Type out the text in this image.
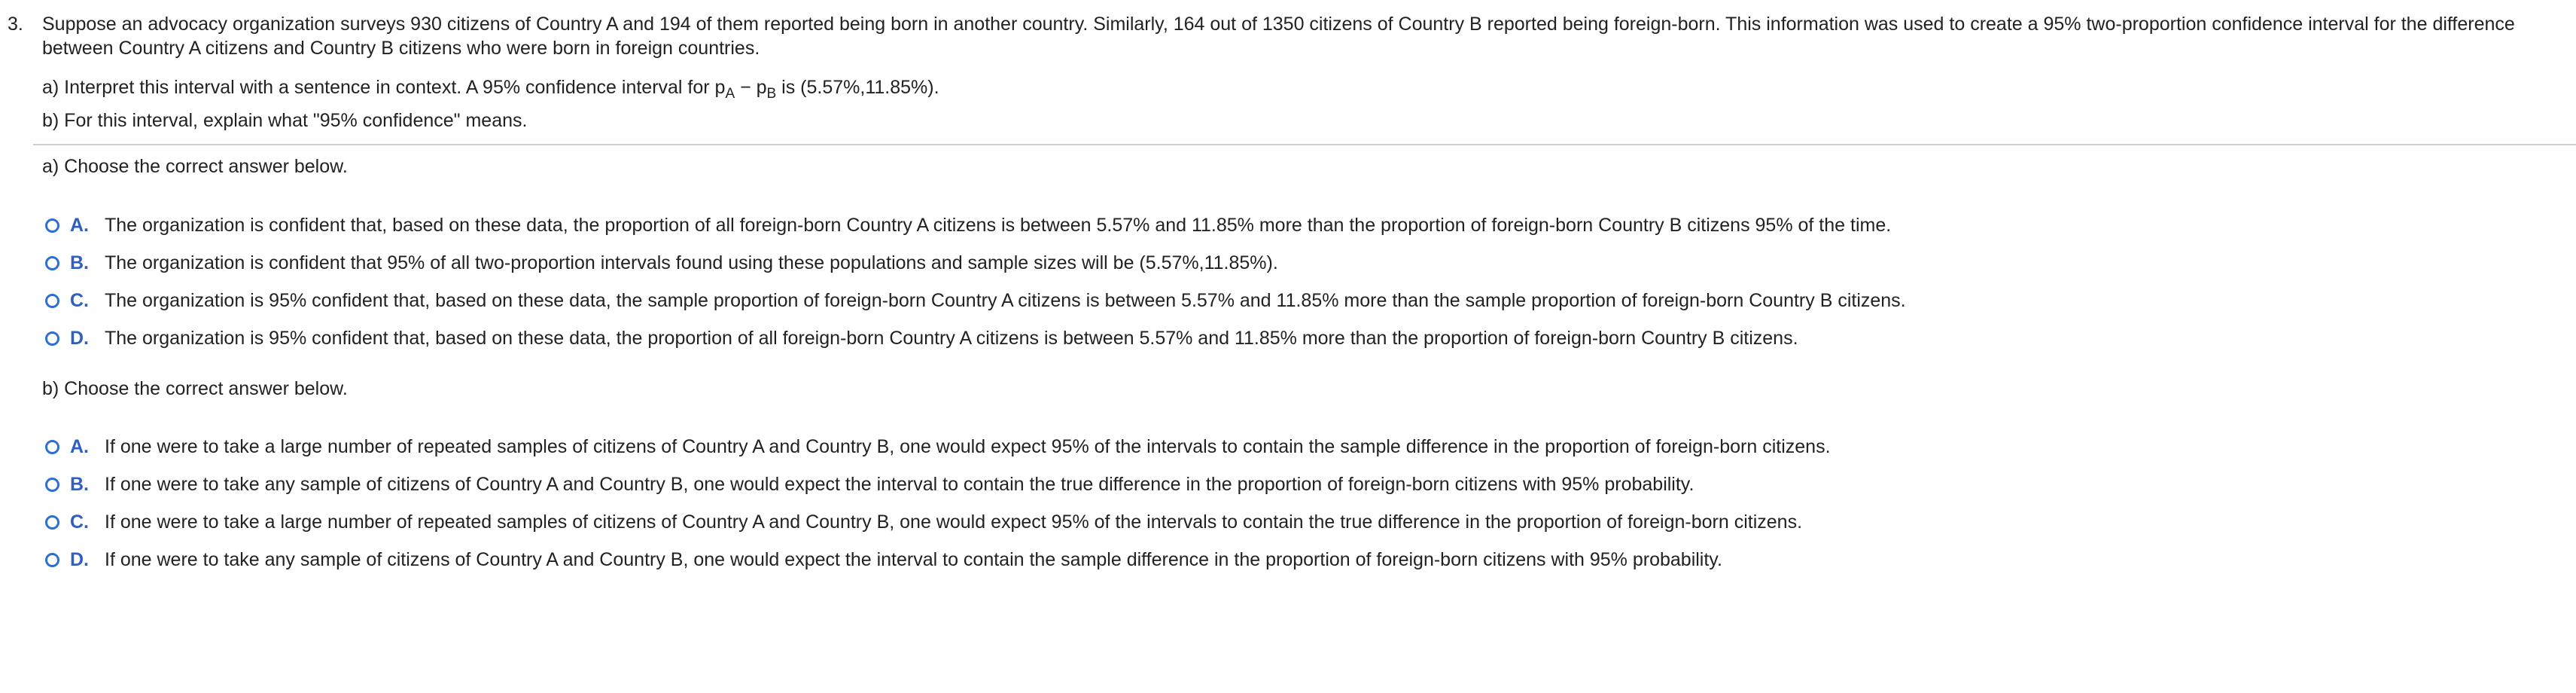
3. Suppose an advocacy organization surveys 930 citizens of Country A and 194 of them reported being born in another country. Similarly, 164 out of 1350 citizens of Country B reported being foreign-born. This information was used to create a 95% two-proportion confidence interval for the difference between Country A citizens and Country B citizens who were born in foreign countries.
a) Interpret this interval with a sentence in context. A 95% confidence interval for $p_A - p_B$ is (5.57%,11.85%).
b) For this interval, explain what "95% confidence" means.
a) Choose the correct answer below.
A. The organization is confident that, based on these data, the proportion of all foreign-born Country A citizens is between 5.57% and 11.85% more than the proportion of foreign-born Country B citizens 95% of the time.
B. The organization is confident that 95% of all two-proportion intervals found using these populations and sample sizes will be (5.57%,11.85%).
C. The organization is 95% confident that, based on these data, the sample proportion of foreign-born Country A citizens is between 5.57% and 11.85% more than the sample proportion of foreign-born Country B citizens.
D. The organization is 95% confident that, based on these data, the proportion of all foreign-born Country A citizens is between 5.57% and 11.85% more than the proportion of foreign-born Country B citizens.
b) Choose the correct answer below.
A. If one were to take a large number of repeated samples of citizens of Country A and Country B, one would expect 95% of the intervals to contain the sample difference in the proportion of foreign-born citizens.
B. If one were to take any sample of citizens of Country A and Country B, one would expect the interval to contain the true difference in the proportion of foreign-born citizens with 95% probability.
C. If one were to take a large number of repeated samples of citizens of Country A and Country B, one would expect 95% of the intervals to contain the true difference in the proportion of foreign-born citizens.
D. If one were to take any sample of citizens of Country A and Country B, one would expect the interval to contain the sample difference in the proportion of foreign-born citizens with 95% probability.
